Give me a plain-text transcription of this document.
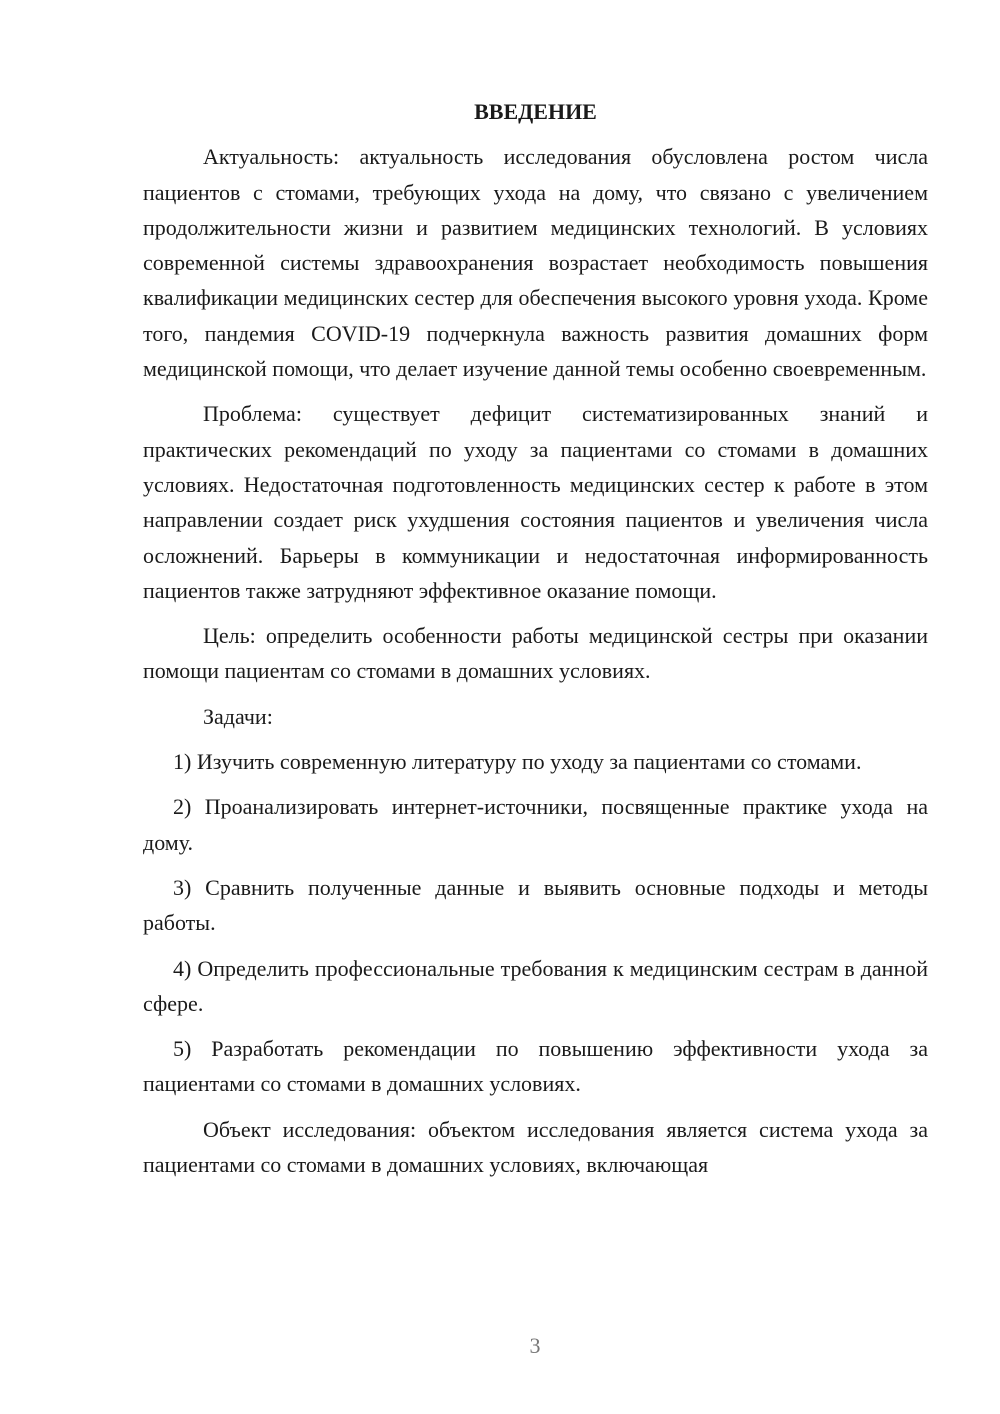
ВВЕДЕНИЕ

Актуальность: актуальность исследования обусловлена ростом числа пациентов с стомами, требующих ухода на дому, что связано с увеличением продолжительности жизни и развитием медицинских технологий. В условиях современной системы здравоохранения возрастает необходимость повышения квалификации медицинских сестер для обеспечения высокого уровня ухода. Кроме того, пандемия COVID-19 подчеркнула важность развития домашних форм медицинской помощи, что делает изучение данной темы особенно своевременным.

Проблема: существует дефицит систематизированных знаний и практических рекомендаций по уходу за пациентами со стомами в домашних условиях. Недостаточная подготовленность медицинских сестер к работе в этом направлении создает риск ухудшения состояния пациентов и увеличения числа осложнений. Барьеры в коммуникации и недостаточная информированность пациентов также затрудняют эффективное оказание помощи.

Цель: определить особенности работы медицинской сестры при оказании помощи пациентам со стомами в домашних условиях.

Задачи:

1) Изучить современную литературу по уходу за пациентами со стомами.

2) Проанализировать интернет-источники, посвященные практике ухода на дому.

3) Сравнить полученные данные и выявить основные подходы и методы работы.

4) Определить профессиональные требования к медицинским сестрам в данной сфере.

5) Разработать рекомендации по повышению эффективности ухода за пациентами со стомами в домашних условиях.

Объект исследования: объектом исследования является система ухода за пациентами со стомами в домашних условиях, включающая

3
